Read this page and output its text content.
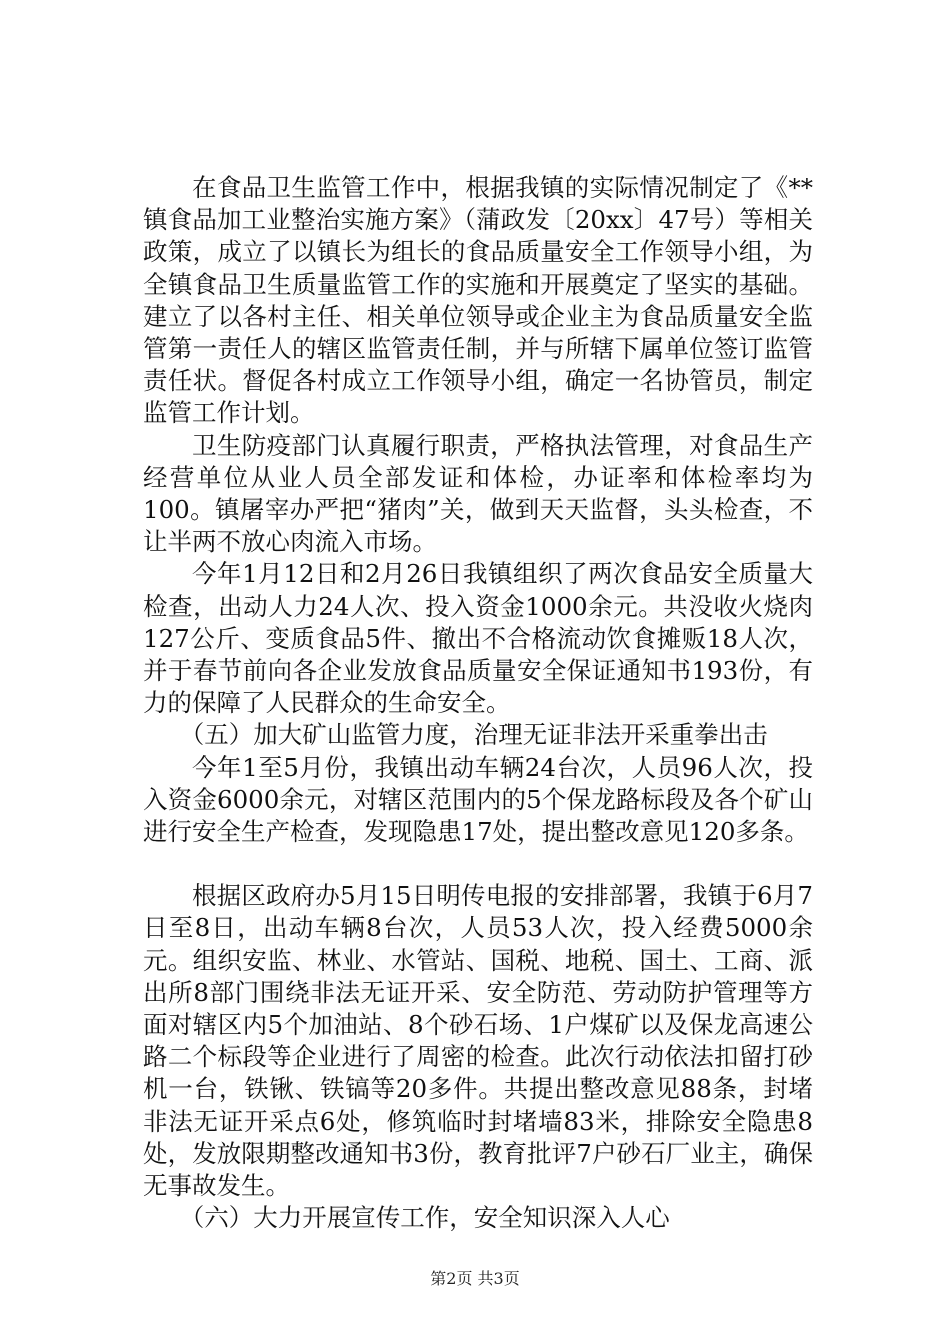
在食品卫生监管工作中，根据我镇的实际情况制定了《**镇食品加工业整治实施方案》（蒲政发〔20xx〕47号）等相关政策，成立了以镇长为组长的食品质量安全工作领导小组，为全镇食品卫生质量监管工作的实施和开展奠定了坚实的基础。建立了以各村主任、相关单位领导或企业主为食品质量安全监管第一责任人的辖区监管责任制，并与所辖下属单位签订监管责任状。督促各村成立工作领导小组，确定一名协管员，制定监管工作计划。

卫生防疫部门认真履行职责，严格执法管理，对食品生产经营单位从业人员全部发证和体检，办证率和体检率均为100。镇屠宰办严把“猪肉”关，做到天天监督，头头检查，不让半两不放心肉流入市场。

今年1月12日和2月26日我镇组织了两次食品安全质量大检查，出动人力24人次、投入资金1000余元。共没收火烧肉127公斤、变质食品5件、撤出不合格流动饮食摊贩18人次，并于春节前向各企业发放食品质量安全保证通知书193份，有力的保障了人民群众的生命安全。

（五）加大矿山监管力度，治理无证非法开采重拳出击

今年1至5月份，我镇出动车辆24台次，人员96人次，投入资金6000余元，对辖区范围内的5个保龙路标段及各个矿山进行安全生产检查，发现隐患17处，提出整改意见120多条。

根据区政府办5月15日明传电报的安排部署，我镇于6月7日至8日，出动车辆8台次，人员53人次，投入经费5000余元。组织安监、林业、水管站、国税、地税、国土、工商、派出所8部门围绕非法无证开采、安全防范、劳动防护管理等方面对辖区内5个加油站、8个砂石场、1户煤矿以及保龙高速公路二个标段等企业进行了周密的检查。此次行动依法扣留打砂机一台，铁锹、铁镐等20多件。共提出整改意见88条，封堵非法无证开采点6处，修筑临时封堵墙83米，排除安全隐患8处，发放限期整改通知书3份，教育批评7户砂石厂业主，确保无事故发生。

（六）大力开展宣传工作，安全知识深入人心

第2页 共3页
